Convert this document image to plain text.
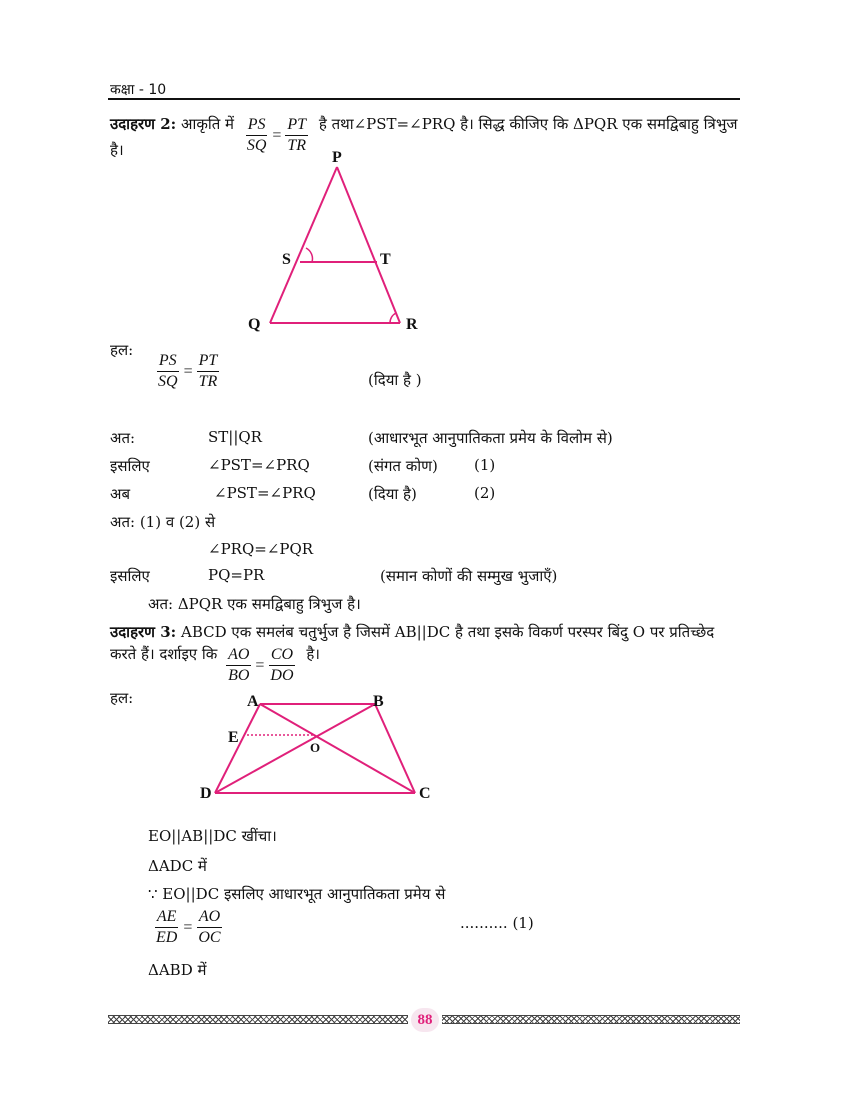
कक्षा - 10
उदाहरण 2: आकृति में $\frac{PS}{SQ} = \frac{PT}{TR}$ है तथा∠PST=∠PRQ है। सिद्ध कीजिए कि ΔPQR एक समद्विबाहु त्रिभुज
है।	P
Q	R
S	T
हल:
$\frac{PS}{SQ} = \frac{PT}{TR}$	(दिया है )
अत:	ST||QR	(आधारभूत आनुपातिकता प्रमेय के विलोम से)
इसलिए	∠PST=∠PRQ	(संगत कोण) (1)
अब	∠PST=∠PRQ	(दिया है)	(2)
अत: (1) व (2) से
∠PRQ=∠PQR
इसलिए	PQ=PR	(समान कोणों की सम्मुख भुजाएँ)
अत: ΔPQR एक समद्विबाहु त्रिभुज है।
उदाहरण 3: ABCD एक समलंब चतुर्भुज है जिसमें AB||DC है तथा इसके विकर्ण परस्पर बिंदु O पर प्रतिच्छेद
करते हैं। दर्शाइए कि $\frac{AO}{BO} = \frac{CO}{DO}$ है।
हल:	A	B
C
D
E
O
EO||AB||DC खींचा।
ΔADC में
∵ EO||DC इसलिए आधारभूत आनुपातिकता प्रमेय से
$\frac{AE}{ED} = \frac{AO}{OC}$	.......... (1)
ΔABD में
88
